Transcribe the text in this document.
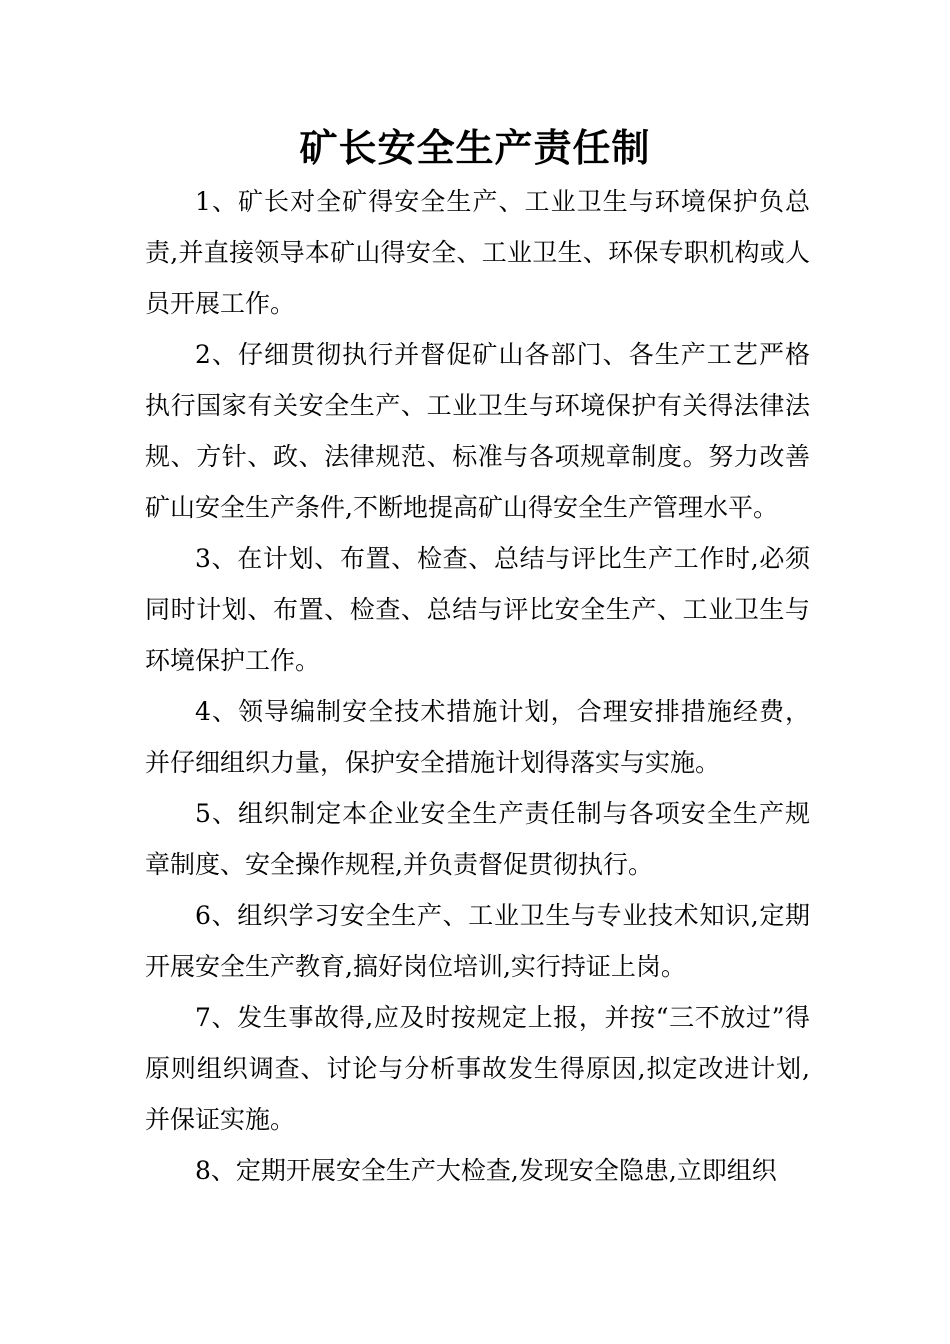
矿长安全生产责任制

1、矿长对全矿得安全生产、工业卫生与环境保护负总责,并直接领导本矿山得安全、工业卫生、环保专职机构或人员开展工作。

2、仔细贯彻执行并督促矿山各部门、各生产工艺严格执行国家有关安全生产、工业卫生与环境保护有关得法律法规、方针、政、法律规范、标准与各项规章制度。努力改善矿山安全生产条件,不断地提高矿山得安全生产管理水平。

3、在计划、布置、检查、总结与评比生产工作时,必须同时计划、布置、检查、总结与评比安全生产、工业卫生与环境保护工作。

4、领导编制安全技术措施计划，合理安排措施经费，并仔细组织力量，保护安全措施计划得落实与实施。

5、组织制定本企业安全生产责任制与各项安全生产规章制度、安全操作规程,并负责督促贯彻执行。

6、组织学习安全生产、工业卫生与专业技术知识,定期开展安全生产教育,搞好岗位培训,实行持证上岗。

7、发生事故得,应及时按规定上报，并按“三不放过”得原则组织调查、讨论与分析事故发生得原因,拟定改进计划,并保证实施。

8、定期开展安全生产大检查,发现安全隐患,立即组织
